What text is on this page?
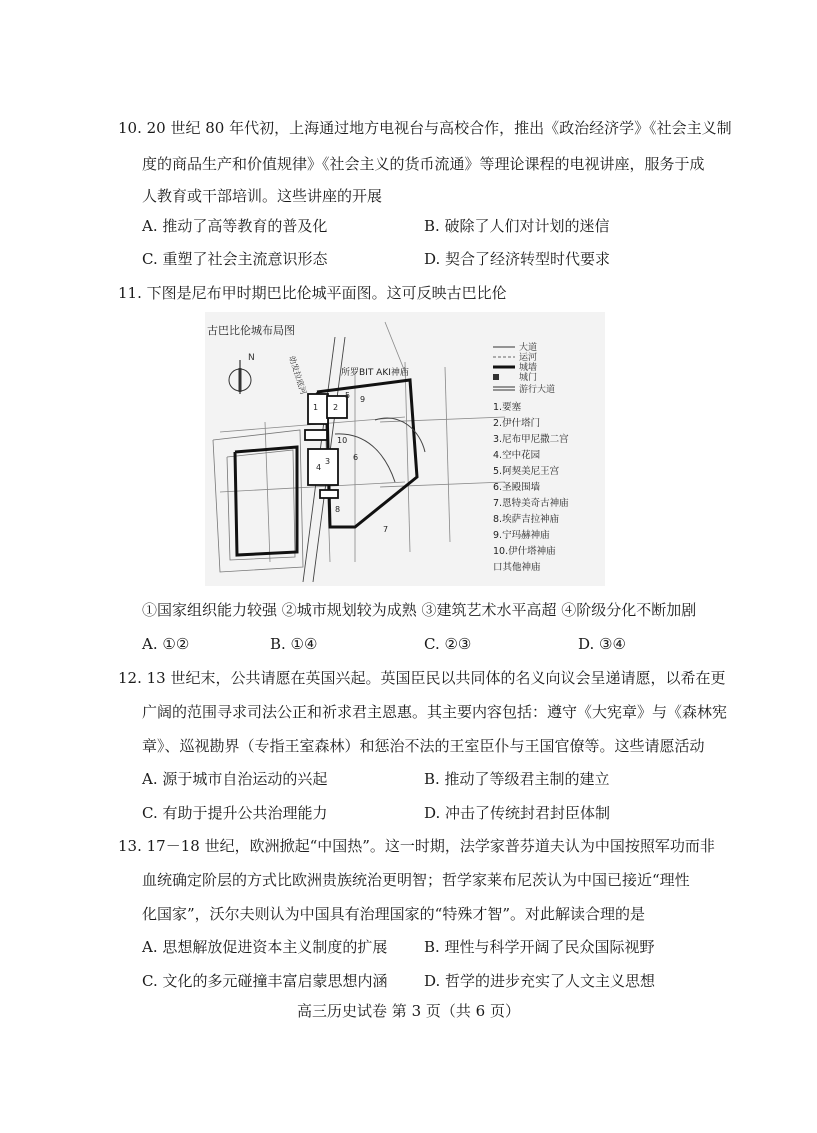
10. 20 世纪 80 年代初，上海通过地方电视台与高校合作，推出《政治经济学》《社会主义制
度的商品生产和价值规律》《社会主义的货币流通》等理论课程的电视讲座，服务于成
人教育或干部培训。这些讲座的开展
A. 推动了高等教育的普及化	B. 破除了人们对计划的迷信
C. 重塑了社会主流意识形态	D. 契合了经济转型时代要求
11. 下图是尼布甲时期巴比伦城平面图。这可反映古巴比伦
N
1 2
10
4
3	6
7
8
5 9
古巴比伦城布局图
幼发拉底河	所罗BIT AKI神庙
大道
运河
城墙
城门
游行大道
1.要塞
2.伊什塔门
3.尼布甲尼撒二宫
4.空中花园
5.阿契美尼王宫
6.圣殿围墙
7.恩特美奇古神庙
8.埃萨吉拉神庙
9.宁玛赫神庙
10.伊什塔神庙
口其他神庙
①国家组织能力较强 ②城市规划较为成熟 ③建筑艺术水平高超 ④阶级分化不断加剧
A. ①②	B. ①④	C. ②③	D. ③④
12. 13 世纪末，公共请愿在英国兴起。英国臣民以共同体的名义向议会呈递请愿，以希在更
广阔的范围寻求司法公正和祈求君主恩惠。其主要内容包括：遵守《大宪章》与《森林宪
章》、巡视勘界（专指王室森林）和惩治不法的王室臣仆与王国官僚等。这些请愿活动
A. 源于城市自治运动的兴起	B. 推动了等级君主制的建立
C. 有助于提升公共治理能力	D. 冲击了传统封君封臣体制
13. 17－18 世纪，欧洲掀起“中国热”。这一时期，法学家普芬道夫认为中国按照军功而非
血统确定阶层的方式比欧洲贵族统治更明智；哲学家莱布尼茨认为中国已接近“理性
化国家”，沃尔夫则认为中国具有治理国家的“特殊才智”。对此解读合理的是
A. 思想解放促进资本主义制度的扩展 B. 理性与科学开阔了民众国际视野
C. 文化的多元碰撞丰富启蒙思想内涵 D. 哲学的进步充实了人文主义思想
高三历史试卷 第 3 页（共 6 页）
